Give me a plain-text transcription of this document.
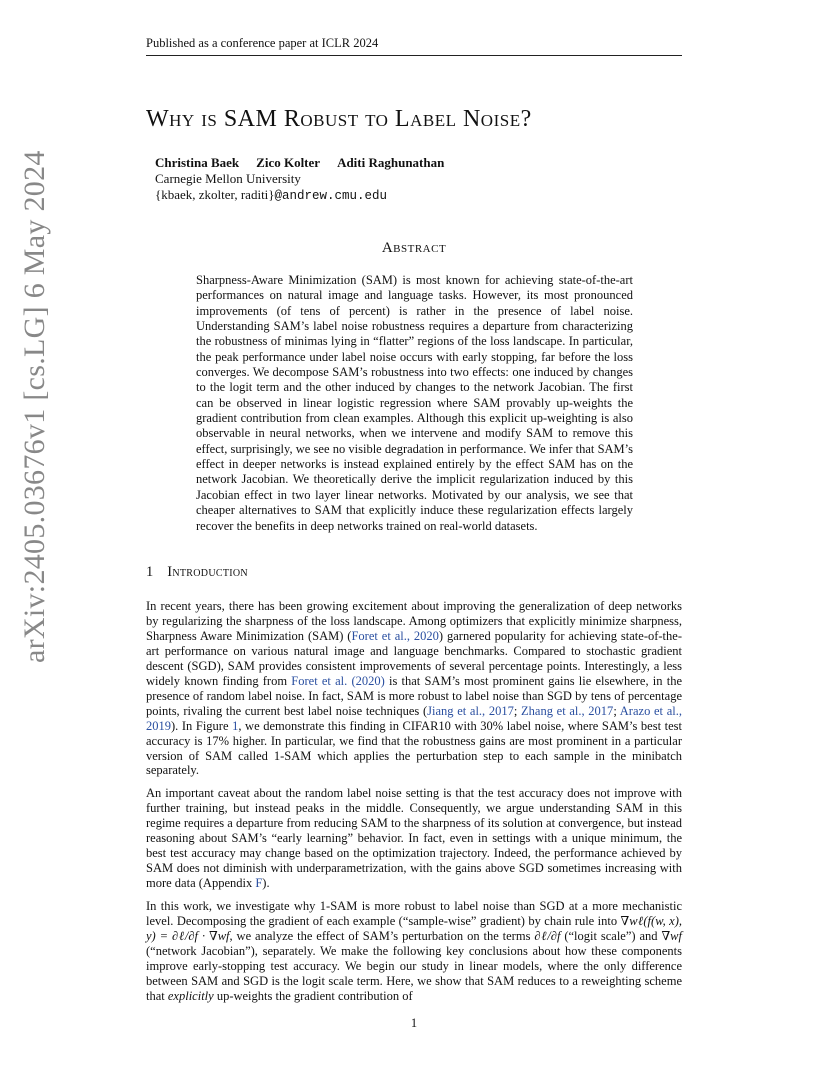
Published as a conference paper at ICLR 2024
arXiv:2405.03676v1 [cs.LG] 6 May 2024
Why is SAM Robust to Label Noise?
Christina Baek Zico Kolter Aditi Raghunathan
Carnegie Mellon University
{kbaek, zkolter, raditi}@andrew.cmu.edu
Abstract
Sharpness-Aware Minimization (SAM) is most known for achieving state-of-the-art performances on natural image and language tasks. However, its most pronounced improvements (of tens of percent) is rather in the presence of label noise. Understanding SAM’s label noise robustness requires a departure from characterizing the robustness of minimas lying in “flatter” regions of the loss landscape. In particular, the peak performance under label noise occurs with early stopping, far before the loss converges. We decompose SAM’s robustness into two effects: one induced by changes to the logit term and the other induced by changes to the network Jacobian. The first can be observed in linear logistic regression where SAM provably up-weights the gradient contribution from clean examples. Although this explicit up-weighting is also observable in neural networks, when we intervene and modify SAM to remove this effect, surprisingly, we see no visible degradation in performance. We infer that SAM’s effect in deeper networks is instead explained entirely by the effect SAM has on the network Jacobian. We theoretically derive the implicit regularization induced by this Jacobian effect in two layer linear networks. Motivated by our analysis, we see that cheaper alternatives to SAM that explicitly induce these regularization effects largely recover the benefits in deep networks trained on real-world datasets.
1 Introduction

In recent years, there has been growing excitement about improving the generalization of deep networks by regularizing the sharpness of the loss landscape. Among optimizers that explicitly minimize sharpness, Sharpness Aware Minimization (SAM) (Foret et al., 2020) garnered popularity for achieving state-of-the-art performance on various natural image and language benchmarks. Compared to stochastic gradient descent (SGD), SAM provides consistent improvements of several percentage points. Interestingly, a less widely known finding from Foret et al. (2020) is that SAM’s most prominent gains lie elsewhere, in the presence of random label noise. In fact, SAM is more robust to label noise than SGD by tens of percentage points, rivaling the current best label noise techniques (Jiang et al., 2017; Zhang et al., 2017; Arazo et al., 2019). In Figure 1, we demonstrate this finding in CIFAR10 with 30% label noise, where SAM’s best test accuracy is 17% higher. In particular, we find that the robustness gains are most prominent in a particular version of SAM called 1-SAM which applies the perturbation step to each sample in the minibatch separately.

An important caveat about the random label noise setting is that the test accuracy does not improve with further training, but instead peaks in the middle. Consequently, we argue understanding SAM in this regime requires a departure from reducing SAM to the sharpness of its solution at convergence, but instead reasoning about SAM’s “early learning” behavior. In fact, even in settings with a unique minimum, the best test accuracy may change based on the optimization trajectory. Indeed, the performance achieved by SAM does not diminish with underparametrization, with the gains above SGD sometimes increasing with more data (Appendix F).

In this work, we investigate why 1-SAM is more robust to label noise than SGD at a more mechanistic level. Decomposing the gradient of each example (“sample-wise” gradient) by chain rule into ∇wℓ(f(w, x), y) = ∂ℓ/∂f · ∇wf, we analyze the effect of SAM’s perturbation on the terms ∂ℓ/∂f (“logit scale”) and ∇wf (“network Jacobian”), separately. We make the following key conclusions about how these components improve early-stopping test accuracy. We begin our study in linear models, where the only difference between SAM and SGD is the logit scale term. Here, we show that SAM reduces to a reweighting scheme that explicitly up-weights the gradient contribution of

1
